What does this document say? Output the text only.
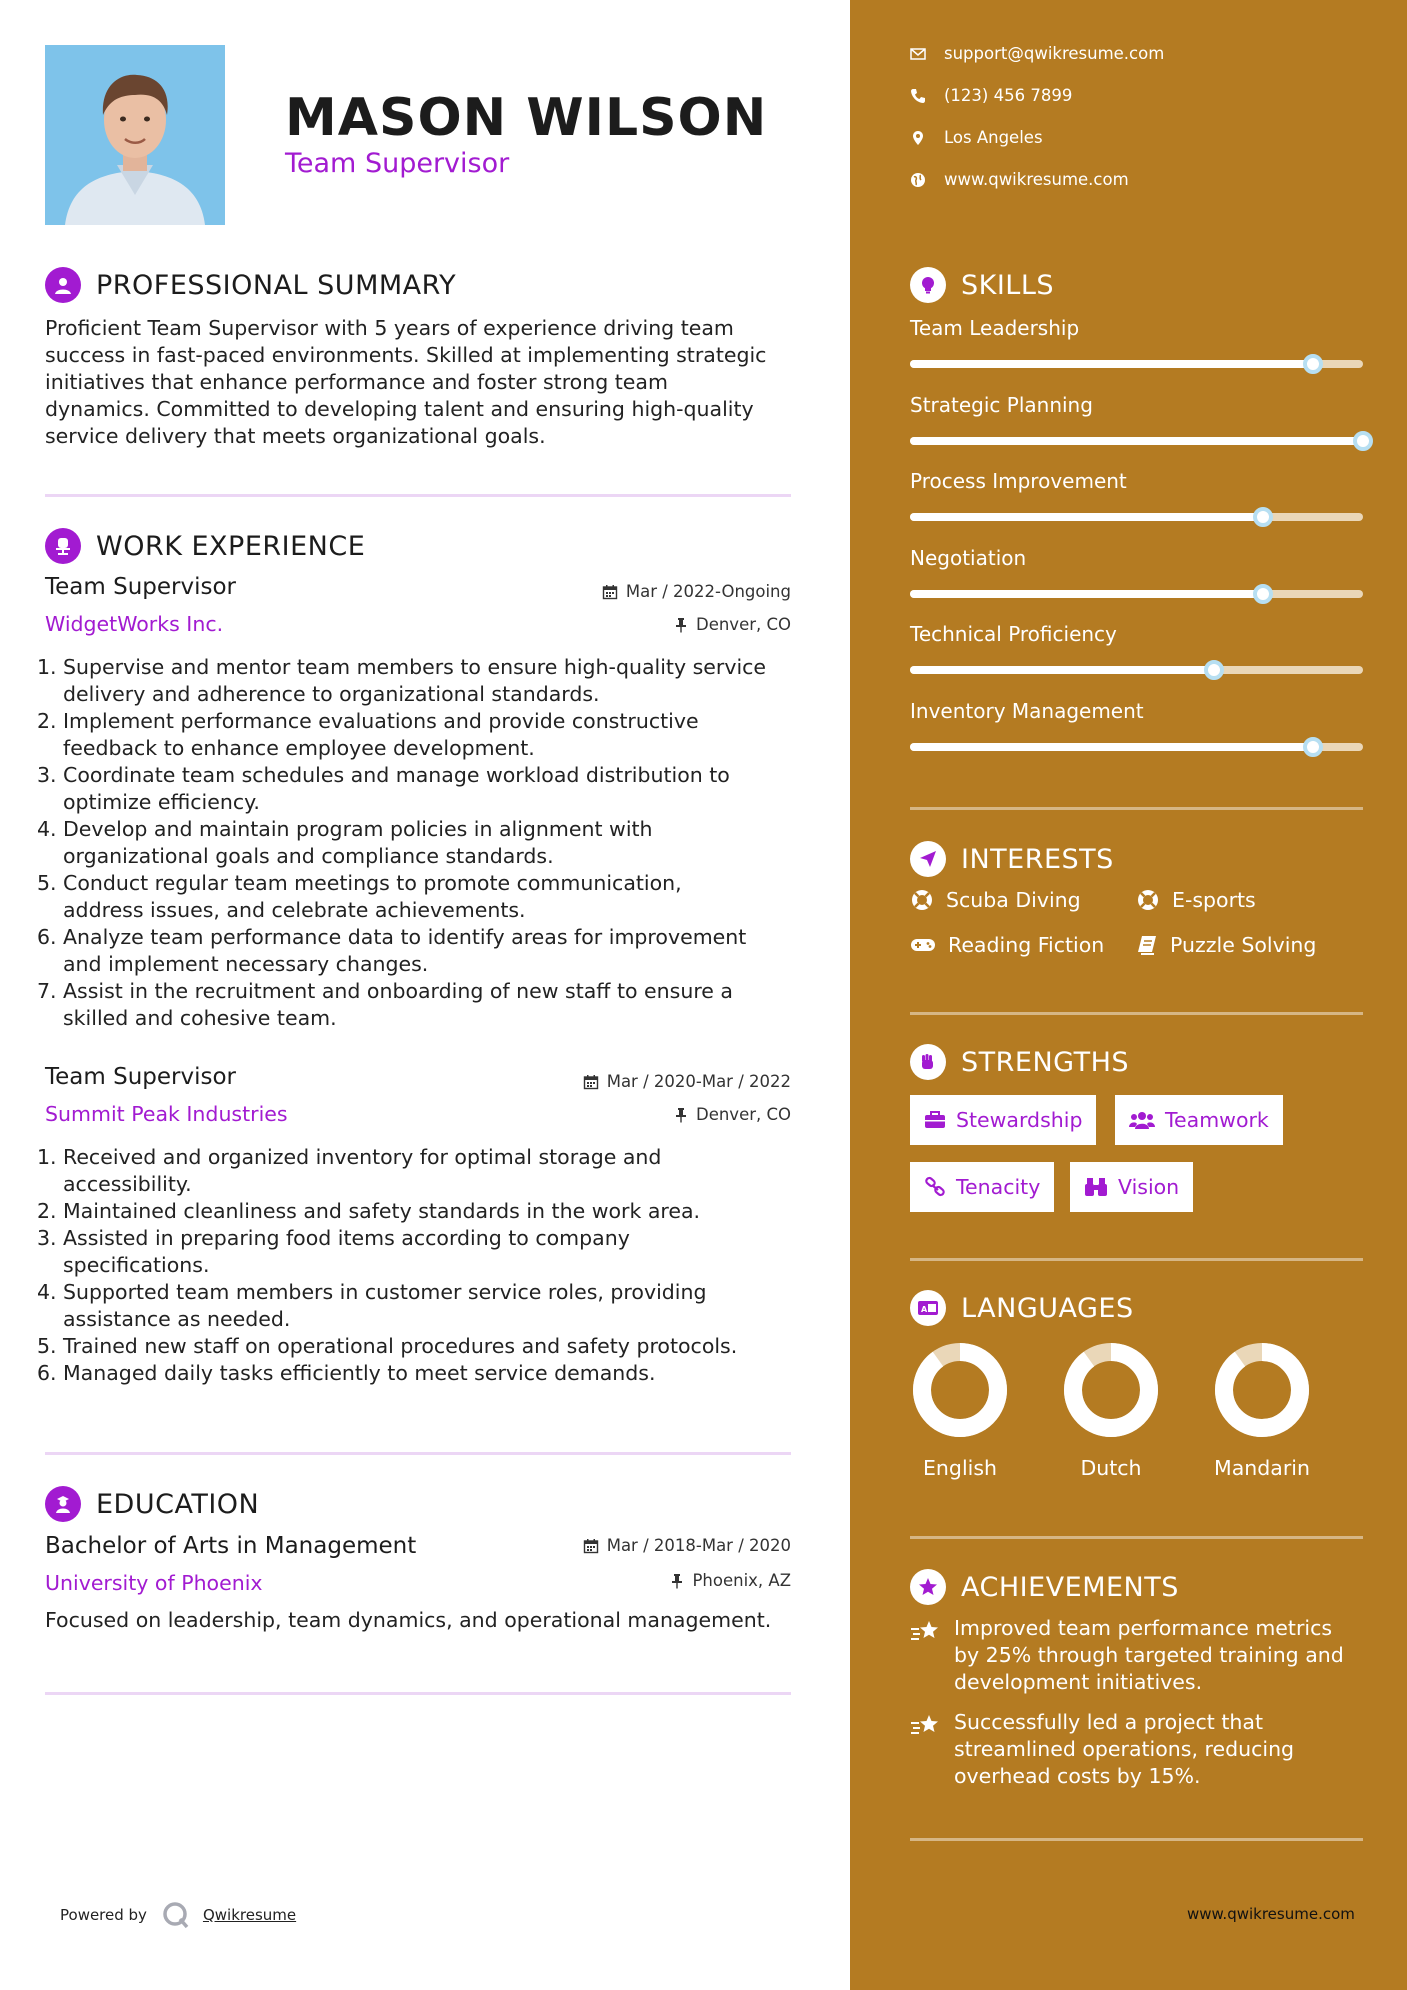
MASON WILSON
Team Supervisor
PROFESSIONAL SUMMARY
Proficient Team Supervisor with 5 years of experience driving team
success in fast-paced environments. Skilled at implementing strategic
initiatives that enhance performance and foster strong team
dynamics. Committed to developing talent and ensuring high-quality
service delivery that meets organizational goals.
WORK EXPERIENCE
Team Supervisor	Mar / 2022-Ongoing
WidgetWorks Inc.	Denver, CO
1. Supervise and mentor team members to ensure high-quality service
delivery and adherence to organizational standards.
2. Implement performance evaluations and provide constructive
feedback to enhance employee development.
3. Coordinate team schedules and manage workload distribution to
optimize efficiency.
4. Develop and maintain program policies in alignment with
organizational goals and compliance standards.
5. Conduct regular team meetings to promote communication,
address issues, and celebrate achievements.
6. Analyze team performance data to identify areas for improvement
and implement necessary changes.
7. Assist in the recruitment and onboarding of new staff to ensure a
skilled and cohesive team.
Team Supervisor	Mar / 2020-Mar / 2022
Summit Peak Industries	Denver, CO
1. Received and organized inventory for optimal storage and
accessibility.
2. Maintained cleanliness and safety standards in the work area.
3. Assisted in preparing food items according to company
specifications.
4. Supported team members in customer service roles, providing
assistance as needed.
5. Trained new staff on operational procedures and safety protocols.
6. Managed daily tasks efficiently to meet service demands.
EDUCATION
Bachelor of Arts in Management	Mar / 2018-Mar / 2020
University of Phoenix	Phoenix, AZ
Focused on leadership, team dynamics, and operational management.
Powered by	Qwikresume
support@qwikresume.com
(123) 456 7899
Los Angeles
www.qwikresume.com
SKILLS
Team Leadership
Strategic Planning
Process Improvement
Negotiation
Technical Proficiency
Inventory Management
INTERESTS
Scuba Diving	E-sports
Reading Fiction	Puzzle Solving
STRENGTHS
Stewardship	Teamwork
Tenacity	Vision
A LANGUAGES
English	Dutch	Mandarin
ACHIEVEMENTS
Improved team performance metrics
by 25% through targeted training and
development initiatives.
Successfully led a project that
streamlined operations, reducing
overhead costs by 15%.
www.qwikresume.com
